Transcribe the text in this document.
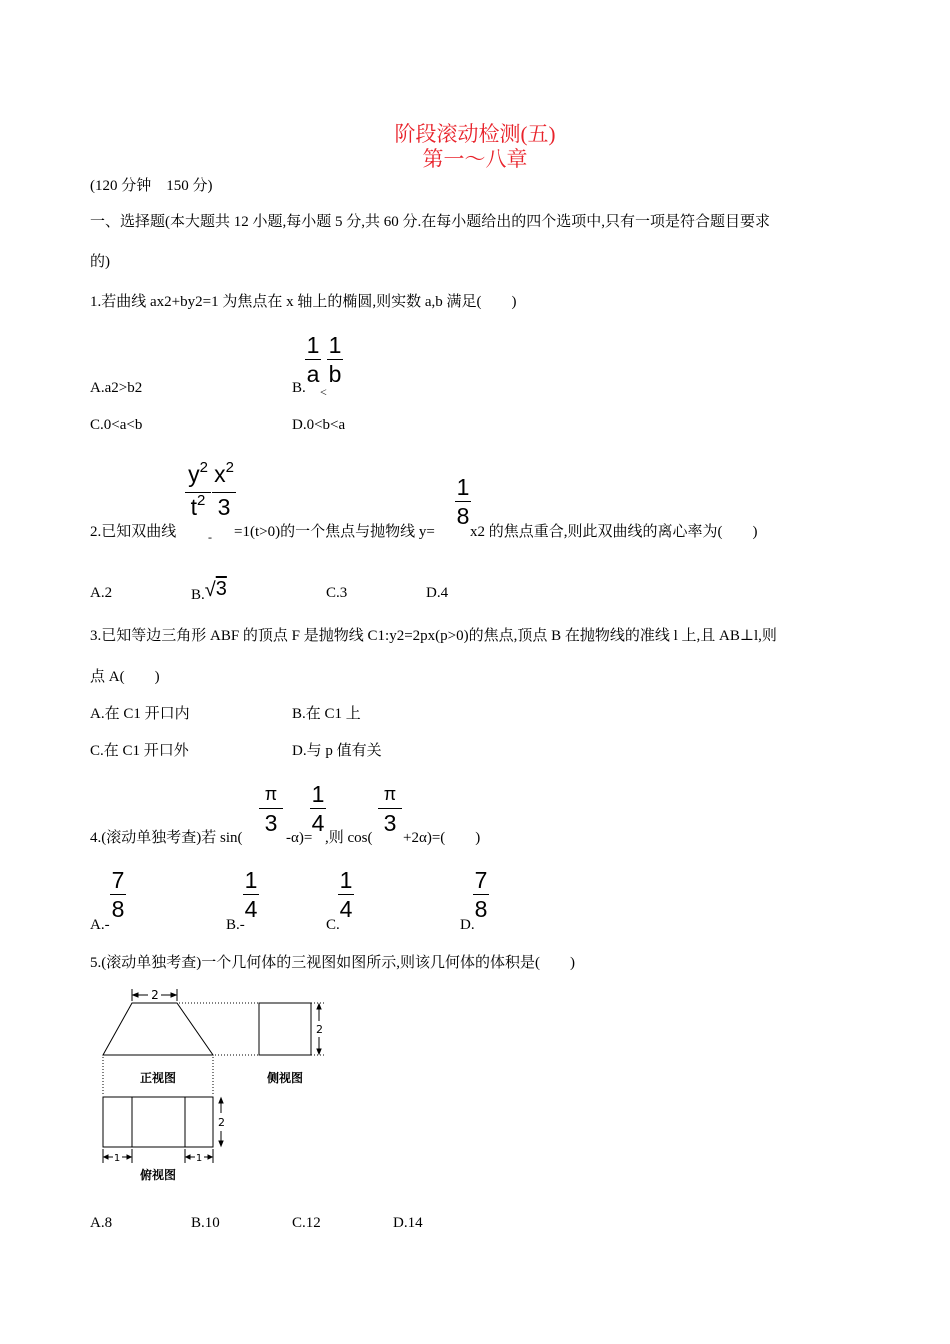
阶段滚动检测(五)
第一～八章
(120 分钟　150 分)
一、选择题(本大题共 12 小题,每小题 5 分,共 60 分.在每小题给出的四个选项中,只有一项是符合题目要求
的)
1.若曲线 ax2+by2=1 为焦点在 x 轴上的椭圆,则实数 a,b 满足(　　)
A.a2>b2	B.
1
a
<
1
b
C.0<a<b	D.0<b<a
2.已知双曲线
$y^2$
$t^2$
-
$x^2$
3
=1(t>0)的一个焦点与抛物线 y=
1
8
x2 的焦点重合,则此双曲线的离心率为(　　)
A.2	B.√3	C.3	D.4
3.已知等边三角形 ABF 的顶点 F 是抛物线 C1:y2=2px(p>0)的焦点,顶点 B 在抛物线的准线 l 上,且 AB⊥l,则
点 A(　　)
A.在 C1 开口内	B.在 C1 上
C.在 C1 开口外	D.与 p 值有关
4.(滚动单独考查)若 sin(
π
3
-α)=
1
4
,则 cos(
π
3
+2α)=(　　)
A.-
7
8
B.-
1
4
C.
1
4
D.
7
8
5.(滚动单独考查)一个几何体的三视图如图所示,则该几何体的体积是(　　)
2
2
2
1	1
正视图	侧视图
俯视图
A.8	B.10	C.12	D.14
